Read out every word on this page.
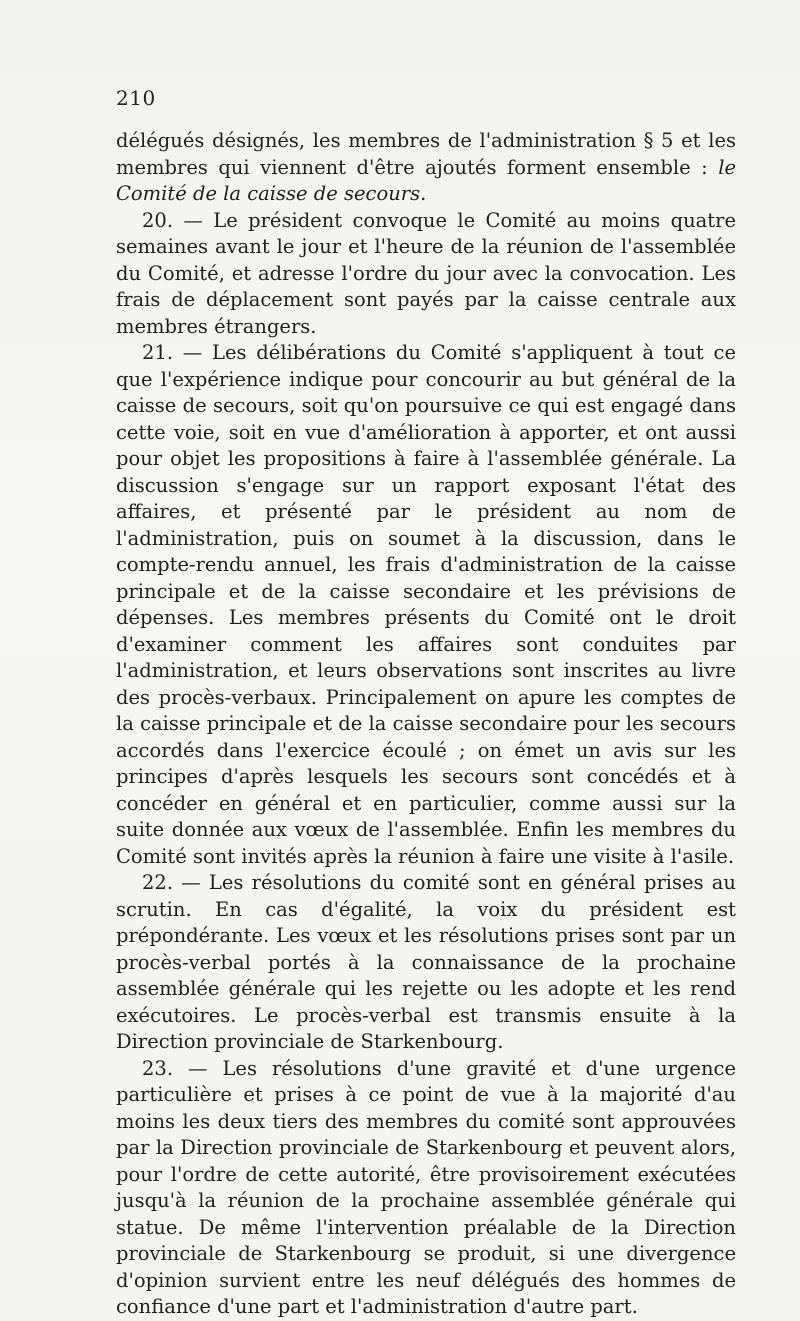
210

délégués désignés, les membres de l'administration § 5 et les membres qui viennent d'être ajoutés forment ensemble : le Comité de la caisse de secours.

20. — Le président convoque le Comité au moins quatre semaines avant le jour et l'heure de la réunion de l'assemblée du Comité, et adresse l'ordre du jour avec la convocation. Les frais de déplacement sont payés par la caisse centrale aux membres étrangers.

21. — Les délibérations du Comité s'appliquent à tout ce que l'expérience indique pour concourir au but général de la caisse de secours, soit qu'on poursuive ce qui est engagé dans cette voie, soit en vue d'amélioration à apporter, et ont aussi pour objet les propositions à faire à l'assemblée générale. La discussion s'engage sur un rapport exposant l'état des affaires, et présenté par le président au nom de l'administration, puis on soumet à la discussion, dans le compte-rendu annuel, les frais d'administration de la caisse principale et de la caisse secondaire et les prévisions de dépenses. Les membres présents du Comité ont le droit d'examiner comment les affaires sont conduites par l'administration, et leurs observations sont inscrites au livre des procès-verbaux. Principalement on apure les comptes de la caisse principale et de la caisse secondaire pour les secours accordés dans l'exercice écoulé ; on émet un avis sur les principes d'après lesquels les secours sont concédés et à concéder en général et en particulier, comme aussi sur la suite donnée aux vœux de l'assemblée. Enfin les membres du Comité sont invités après la réunion à faire une visite à l'asile.

22. — Les résolutions du comité sont en général prises au scrutin. En cas d'égalité, la voix du président est prépondérante. Les vœux et les résolutions prises sont par un procès-verbal portés à la connaissance de la prochaine assemblée générale qui les rejette ou les adopte et les rend exécutoires. Le procès-verbal est transmis ensuite à la Direction provinciale de Starkenbourg.

23. — Les résolutions d'une gravité et d'une urgence particulière et prises à ce point de vue à la majorité d'au moins les deux tiers des membres du comité sont approuvées par la Direction provinciale de Starkenbourg et peuvent alors, pour l'ordre de cette autorité, être provisoirement exécutées jusqu'à la réunion de la prochaine assemblée générale qui statue. De même l'intervention préalable de la Direction provinciale de Starkenbourg se produit, si une divergence d'opinion survient entre les neuf délégués des hommes de confiance d'une part et l'administration d'autre part.
